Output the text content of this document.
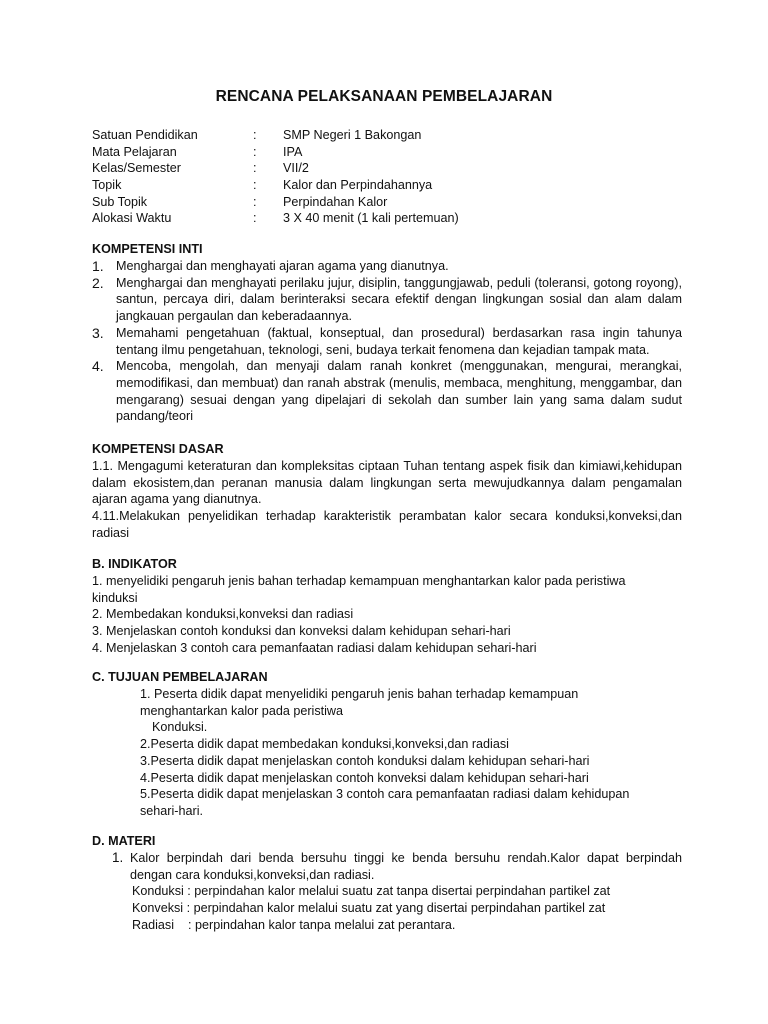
RENCANA PELAKSANAAN PEMBELAJARAN
Satuan Pendidikan	: SMP Negeri 1 Bakongan
Mata Pelajaran	: IPA
Kelas/Semester	: VII/2
Topik	: Kalor dan Perpindahannya
Sub Topik	: Perpindahan Kalor
Alokasi Waktu	: 3 X 40 menit (1 kali pertemuan)
KOMPETENSI INTI
1. Menghargai dan menghayati ajaran agama yang dianutnya.
2. Menghargai dan menghayati perilaku jujur, disiplin, tanggungjawab, peduli (toleransi, gotong royong), santun, percaya diri, dalam berinteraksi secara efektif dengan lingkungan sosial dan alam dalam jangkauan pergaulan dan keberadaannya.
3. Memahami pengetahuan (faktual, konseptual, dan prosedural) berdasarkan rasa ingin tahunya tentang ilmu pengetahuan, teknologi, seni, budaya terkait fenomena dan kejadian tampak mata.
4. Mencoba, mengolah, dan menyaji dalam ranah konkret (menggunakan, mengurai, merangkai, memodifikasi, dan membuat) dan ranah abstrak (menulis, membaca, menghitung, menggambar, dan mengarang) sesuai dengan yang dipelajari di sekolah dan sumber lain yang sama dalam sudut pandang/teori
KOMPETENSI DASAR
1.1. Mengagumi keteraturan dan kompleksitas ciptaan Tuhan tentang aspek fisik dan kimiawi,kehidupan dalam ekosistem,dan peranan manusia dalam lingkungan serta mewujudkannya dalam pengamalan ajaran agama yang dianutnya.
4.11.Melakukan penyelidikan terhadap karakteristik perambatan kalor secara konduksi,konveksi,dan radiasi
B. INDIKATOR
1. menyelidiki pengaruh jenis bahan terhadap kemampuan menghantarkan kalor pada peristiwa
kinduksi
2. Membedakan konduksi,konveksi dan radiasi
3. Menjelaskan contoh konduksi dan konveksi dalam kehidupan sehari-hari
4. Menjelaskan 3 contoh cara pemanfaatan radiasi dalam kehidupan sehari-hari
C. TUJUAN PEMBELAJARAN
1. Peserta didik dapat menyelidiki pengaruh jenis bahan terhadap kemampuan
menghantarkan kalor pada peristiwa
Konduksi.
2.Peserta didik dapat membedakan konduksi,konveksi,dan radiasi
3.Peserta didik dapat menjelaskan contoh konduksi dalam kehidupan sehari-hari
4.Peserta didik dapat menjelaskan contoh konveksi dalam kehidupan sehari-hari
5.Peserta didik dapat menjelaskan 3 contoh cara pemanfaatan radiasi dalam kehidupan
sehari-hari.
D. MATERI
1. Kalor berpindah dari benda bersuhu tinggi ke benda bersuhu rendah.Kalor dapat berpindah dengan cara konduksi,konveksi,dan radiasi.
Konduksi : perpindahan kalor melalui suatu zat tanpa disertai perpindahan partikel zat
Konveksi : perpindahan kalor melalui suatu zat yang disertai perpindahan partikel zat
Radiasi    : perpindahan kalor tanpa melalui zat perantara.
